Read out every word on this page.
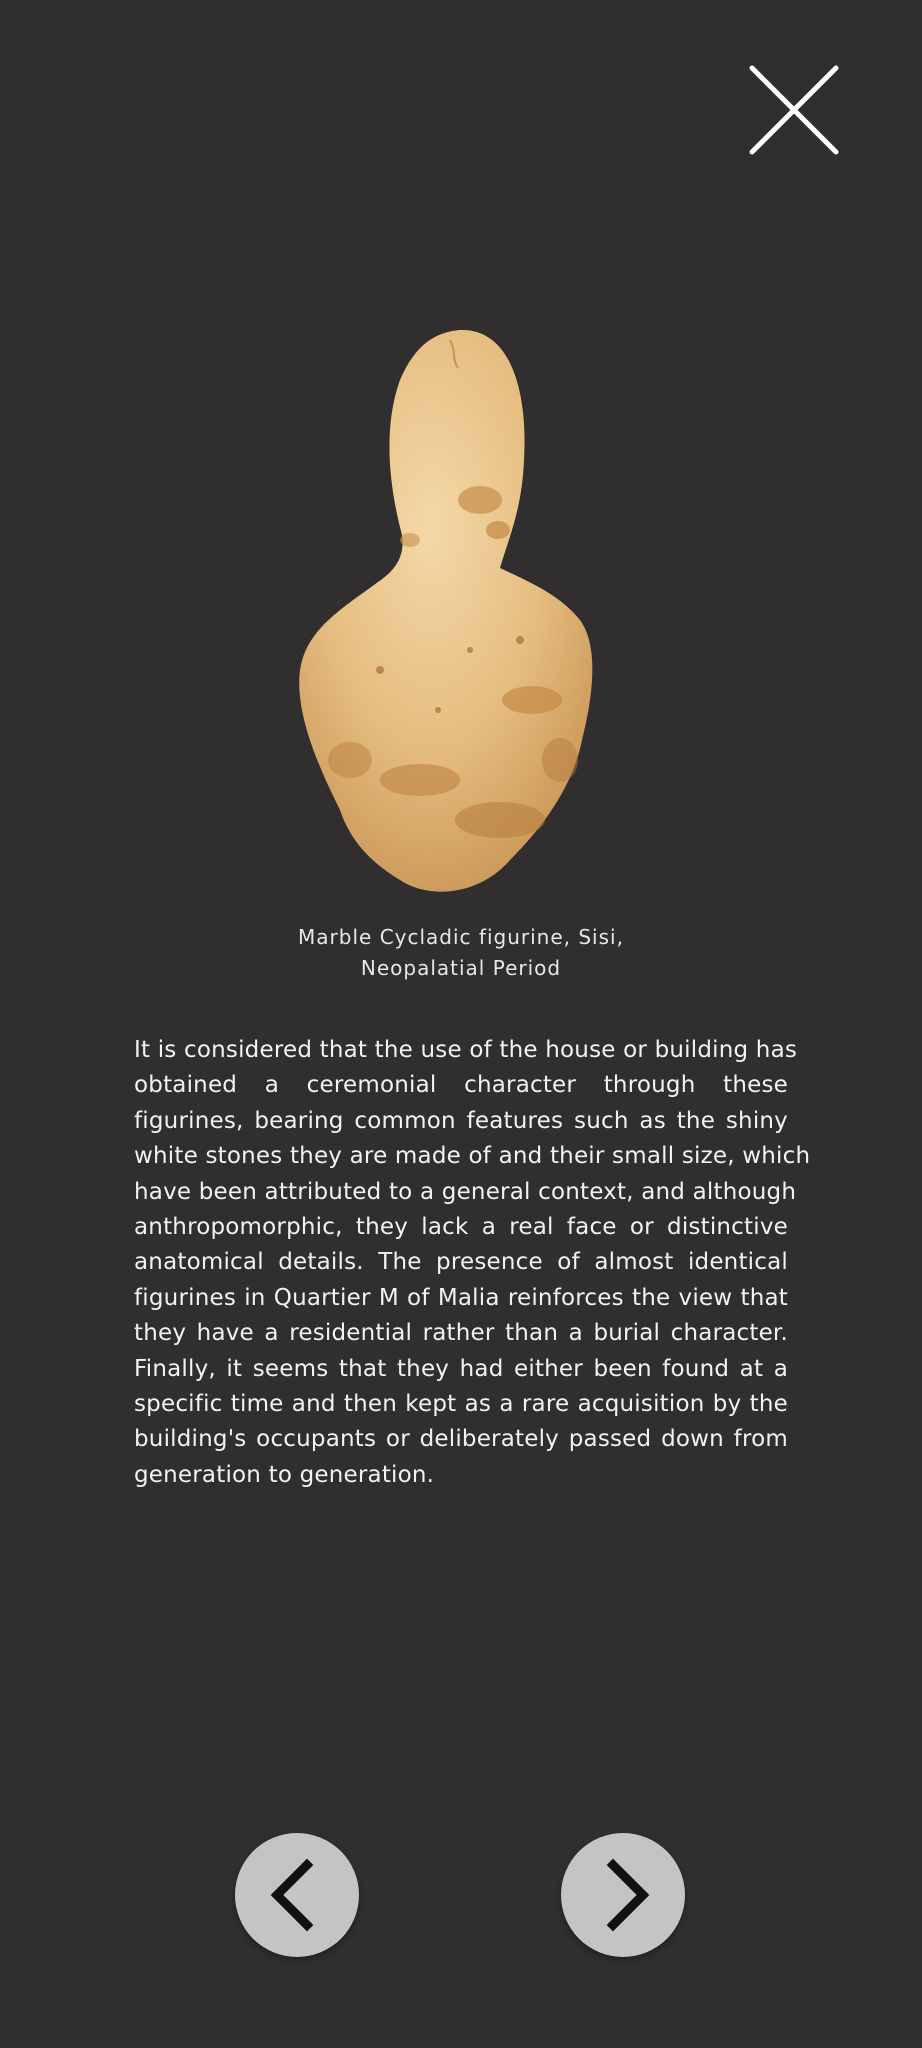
Marble Cycladic figurine, Sisi,
Neopalatial Period
It is considered that the use of the house or building has
obtained a ceremonial character through these
figurines, bearing common features such as the shiny
white stones they are made of and their small size, which
have been attributed to a general context, and although
anthropomorphic, they lack a real face or distinctive
anatomical details. The presence of almost identical
figurines in Quartier M of Malia reinforces the view that
they have a residential rather than a burial character.
Finally, it seems that they had either been found at a
specific time and then kept as a rare acquisition by the
building's occupants or deliberately passed down from
generation to generation.
